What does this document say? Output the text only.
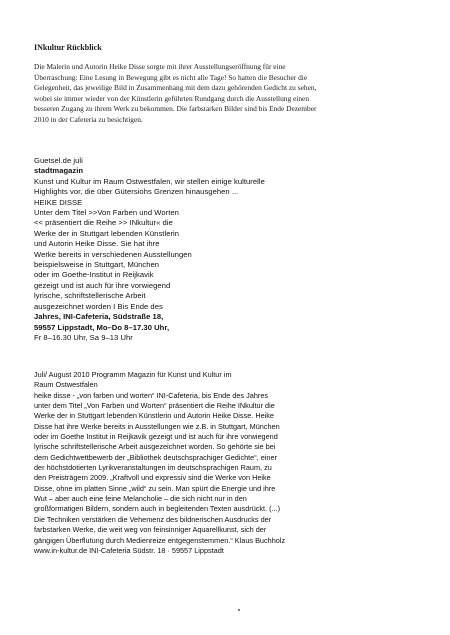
INkultur Rückblick
Die Malerin und Autorin Heike Disse sorgte mit ihrer Ausstellungseröffnung für eine
Überraschung: Eine Lesung in Bewegung gibt es nicht alle Tage! So hatten die Besucher die
Gelegenheit, das jeweilige Bild in Zusammenhang mit dem dazu gehörenden Gedicht zu sehen,
wobei sie immer wieder von der Künstlerin geführten Rundgang durch die Ausstellung einen
besseren Zugang zu ihrem Werk zu bekommen. Die farbstarken Bilder sind bis Ende Dezember
2010 in der Cafeteria zu besichtigen.
Guetsel.de juli
stadtmagazin
Kunst und Kultur im Raum Ostwestfalen, wir stellen einige kulturelle
Highlights vor, die über Gütersiohs Grenzen hinausgehen ...
HEIKE DISSE
Unter dem Titel >>Von Farben und Worten
<< präsentiert die Reihe >> INkultur« die
Werke der in Stuttgart lebenden Künstlerin
und Autorin Heike Disse. Sie hat ihre
Werke bereits in verschiedenen Ausstellungen
beispielsweise in Stuttgart, München
oder im Goethe-Institut in Reijkavik
gezeigt und ist auch für ihre vorwiegend
lyrische, schriftstellerische Arbeit
ausgezeichnet worden I Bis Ende des
Jahres, INI-Cafeteria, Südstraße 18,
59557 Lippstadt, Mo–Do 8–17.30 Uhr,
Fr 8–16.30 Uhr, Sa 9–13 Uhr
Juli/ August 2010 Programm Magazin für Kunst und Kultur im
Raum Ostwestfalen
heike disse - „von farben und worten“ INI-Cafeteria, bis Ende des Jahres
unter dem Titel „Von Farben und Worten“ präsentiert die Reihe INkultur die
Werke der in Stuttgart lebenden Künstlerin und Autorin Heike Disse. Heike
Disse hat ihre Werke bereits in Ausstellungen wie z.B. in Stuttgart, München
oder im Goethe Institut in Reijkavik gezeigt und ist auch für ihre vorwiegend
lyrische schriftstellerische Arbeit ausgezeichnet worden. So gehörte sie bei
dem Gedichtwettbewerb der „Bibliothek deutschsprachiger Gedichte“, einer
der höchstdotierten Lyrikveranstaltungen im deutschsprachigen Raum, zu
den Preisträgern 2009. „Kraftvoll und expressiv sind die Werke von Heike
Disse, ohne im platten Sinne „wild“ zu sein. Man spürt die Energie und ihre
Wut – aber auch eine feine Melancholie – die sich nicht nur in den
großformatigen Bildern, sondern auch in begleitenden Texten ausdrückt. (...)
Die Techniken verstärken die Vehemenz des bildnerischen Ausdrucks der
farbstarken Werke, die weit weg von feinsinniger Aquarellkunst, sich der
gängigen Überflutung durch Medienreize entgegenstemmen.“ Klaus Buchholz
www.in-kultur.de INI-Cafeteria Südstr. 18 · 59557 Lippstadt
